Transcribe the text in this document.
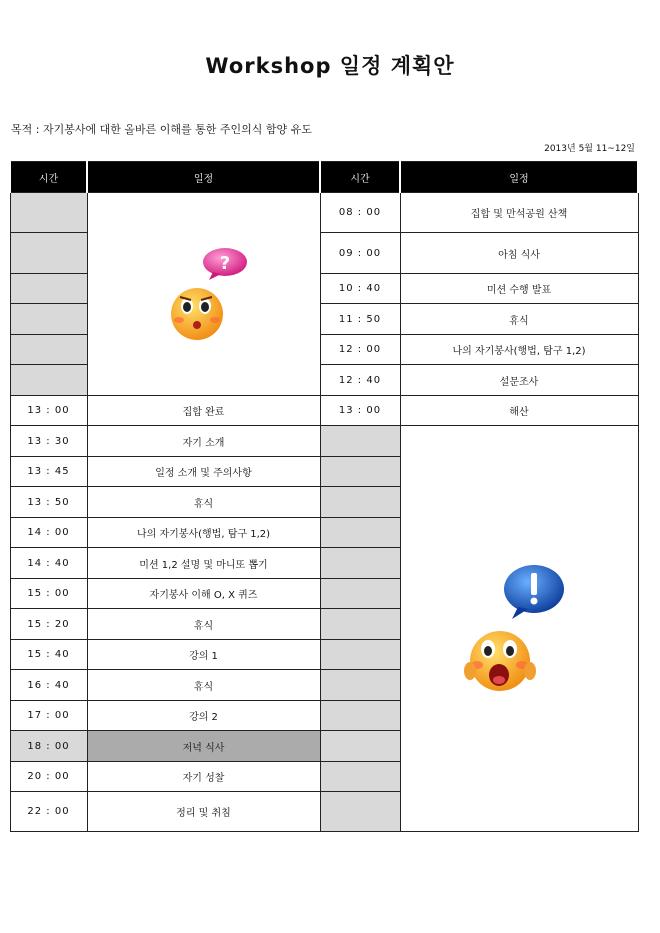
Workshop 일정 계획안
목적 : 자기봉사에 대한 올바른 이해를 통한 주인의식 함양 유도
2013년 5월 11~12일
시간	일정	시간	일정
		08 : 00	집합 및 만석공원 산책
		09 : 00	아침 식사
		10 : 40	미션 수행 발표
		11 : 50	휴식
		12 : 00	나의 자기봉사(행법, 탐구 1,2)
		12 : 40	설문조사
13 : 00	집합 완료	13 : 00	해산
13 : 30	자기 소개		
13 : 45	일정 소개 및 주의사항		
13 : 50	휴식		
14 : 00	나의 자기봉사(행법, 탐구 1,2)		
14 : 40	미션 1,2 설명 및 마니또 뽑기		
15 : 00	자기봉사 이해 O, X 퀴즈		
15 : 20	휴식		
15 : 40	강의 1		
16 : 40	휴식		
17 : 00	강의 2		
18 : 00	저녁 식사		
20 : 00	자기 성찰		
22 : 00	정리 및 취침		
?
